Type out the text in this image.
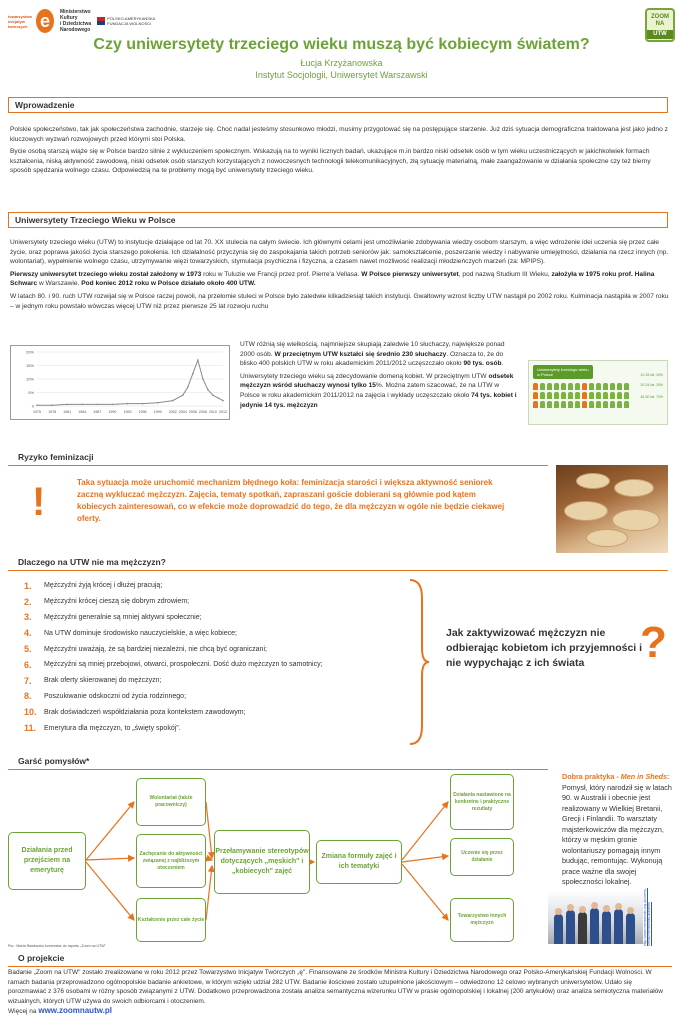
towarzystwo inicjatyw twórczych e	Ministerstwo
Kultury
i Dziedzictwa
Narodowego
POLSKO-AMERYKAŃSKA
FUNDACJA WOLNOŚCI
ZOOM
NA
UTW
Czy uniwersytety trzeciego wieku muszą być kobiecym światem?
Łucja Krzyżanowska
Instytut Socjologii, Uniwersytet Warszawski
Wprowadzenie

Polskie społeczeństwo, tak jak społeczeństwa zachodnie, starzeje się. Choć nadal jesteśmy stosunkowo młodzi, musimy przygotować się na postępujące starzenie. Już dziś sytuacja demograficzna traktowana jest jako jedno z kluczowych wyzwań rozwojowych przed którymi stoi Polska.

Bycie osobą starszą wiąże się w Polsce bardzo silnie z wykluczeniem społecznym. Wskazują na to wyniki licznych badań, ukazujące m.in bardzo niski odsetek osób w tym wieku uczestniczących w jakichkolwiek formach kształcenia, niską aktywność zawodową, niski odsetek osób starszych korzystających z nowoczesnych technologii telekomunikacyjnych, złą sytuację materialną, małe zaangażowanie w działania społeczne czy też bierny sposób spędzania wolnego czasu. Odpowiedzią na te problemy mogą być uniwersytety trzeciego wieku.

Uniwersytety Trzeciego Wieku w Polsce

Uniwersytety trzeciego wieku (UTW) to instytucje działające od lat 70. XX stulecia na całym świecie. Ich głównymi celami jest umożliwianie zdobywania wiedzy osobom starszym, a więc wdrożenie idei uczenia się przez całe życie, oraz poprawa jakości życia starszego pokolenia. Ich działalność przyczynia się do zaspokajania takich potrzeb seniorów jak: samokształcenie, poszerzanie wiedzy i nabywanie umiejętności, działania na rzecz innych (np. wolontariat), wypełnienie wolnego czasu, utrzymywanie więzi towarzyskich, stymulacja psychiczna i fizyczna, a czasem nawet możliwość realizacji młodzieńczych marzeń (za: MPIPS).

Pierwszy uniwersytet trzeciego wieku został założony w 1973 roku w Tuluzie we Francji przez prof. Pierre'a Vellasa. W Polsce pierwszy uniwersytet, pod nazwą Studium III Wieku, założyła w 1975 roku prof. Halina Schwarc w Warszawie. Pod koniec 2012 roku w Polsce działało około 400 UTW.

W latach 80. i 90. ruch UTW rozwijał się w Polsce raczej powoli, na przełomie stuleci w Polsce było zaledwie kilkadziesiąt takich instytucji. Gwałtowny wzrost liczby UTW nastąpił po 2002 roku. Kulminacja nastąpiła w 2007 roku – w jednym roku powstało wówczas więcej UTW niż przez pierwsze 25 lat rozwoju ruchu

UTW różnią się wielkością, najmniejsze skupiają zaledwie 10 słuchaczy, największe ponad 2000 osób. W przeciętnym UTW kształci się średnio 230 słuchaczy. Oznacza to, że do blisko 400 polskich UTW w roku akademickim 2011/2012 uczęszczało około 90 tys. osób.

Uniwersytety trzeciego wieku są zdecydowanie domeną kobiet. W przeciętnym UTW odsetek mężczyzn wśród słuchaczy wynosi tylko 15%. Można zatem szacować, że na UTW w Polsce w roku akademickim 2011/2012 na zajęcia i wykłady uczęszczało około 74 tys. kobiet i jedynie 14 tys. mężczyzn

0
5%
10%
15%
20%
1975 1978 1981 1984 1987 1990 1993 1996 1999 2002 2004 2006 2008 2010 2012
Uniwersytety trzeciego wieku w Polsce	10-15 lat: 15%
20-24 lat: 15%
45-50 lat: 70%
Ryzyko feminizacji
!	Taka sytuacja może uruchomić mechanizm błędnego koła: feminizacja starości i większa aktywność seniorek zaczną wykluczać mężczyzn. Zajęcia, tematy spotkań, zapraszani goście dobierani są głównie pod kątem kobiecych zainteresowań, co w efekcie może doprowadzić do tego, że dla mężczyzn w ogóle nie będzie ciekawej oferty.
Dlaczego na UTW nie ma mężczyzn?
1.	Mężczyźni żyją krócej i dłużej pracują;
2.	Mężczyźni krócej cieszą się dobrym zdrowiem;
3.	Mężczyźni generalnie są mniej aktywni społecznie;
4.	Na UTW dominuje środowisko nauczycielskie, a więc kobiece;
5.	Mężczyźni uważają, że są bardziej niezależni, nie chcą być ograniczani;
6.	Mężczyźni są mniej przebojowi, otwarci, prospołeczni. Dość dużo mężczyzn to samotnicy;
7.	Brak oferty skierowanej do mężczyzn;
8.	Poszukiwanie odskoczni od życia rodzinnego;
10.	Brak doświadczeń współdziałania poza kontekstem zawodowym;
11.	Emerytura dla mężczyzn, to „święty spokój".
Jak zaktywizować mężczyzn nie odbierając kobietom ich przyjemności i nie wypychając z ich świata	?
Garść pomysłów*
Działania przed przejściem na emeryturę
Wolontariat (także pracowniczy)
Zachęcanie do aktywności związanej z najbliższym otoczeniem
Kształcenie przez całe życie
Przełamywanie stereotypów dotyczących „męskich" i „kobiecych" zajęć
Zmiana formuły zajęć i ich tematyki
Działania nastawione na konkretne i praktyczne rezultaty
Uczenie się przez działanie
Towarzystwo innych mężczyzn
Dobra praktyka - Men in Sheds: Pomysł, który narodził się w latach 90. w Australii i obecnie jest realizowany w Wielkiej Bretanii, Grecji i Finlandii. To warsztaty majsterkowiczów dla mężczyzn, którzy w męskim gronie wolontariuszy pomagają innym budując, remontując. Wykonują prace ważne dla swojej społeczności lokalnej.
http://www.menssheds.org.uk/mens-sheds/menssheds-activities
Por.: Marta Rawłuszko komentarz do raportu „Zoom na UTW"
O projekcie
Badanie „Zoom na UTW" zostało zrealizowane w roku 2012 przez Towarzystwo Inicjatyw Twórczych „ę". Finansowane ze środków Ministra Kultury i Dziedzictwa Narodowego oraz Polsko-Amerykańskiej Fundacji Wolności. W ramach badania przeprowadzono ogólnopolskie badanie ankietowe, w którym wzięło udział 282 UTW. Badanie ilościowe zostało uzupełnione jakościowym – odwiedzono 12 celowo wybranych uniwersytetów. Udało się porozmawiać z 376 osobami w różny sposób związanymi z UTW. Dodatkowo przeprowadzona została analiza semantyczna wizerunku UTW w prasie ogólnopolskiej i lokalnej (200 artykułów) oraz analiza semiotyczna materiałów wizualnych, których UTW używa do swoich odbiorcami i otoczeniem.
Więcej na www.zoomnautw.pl
